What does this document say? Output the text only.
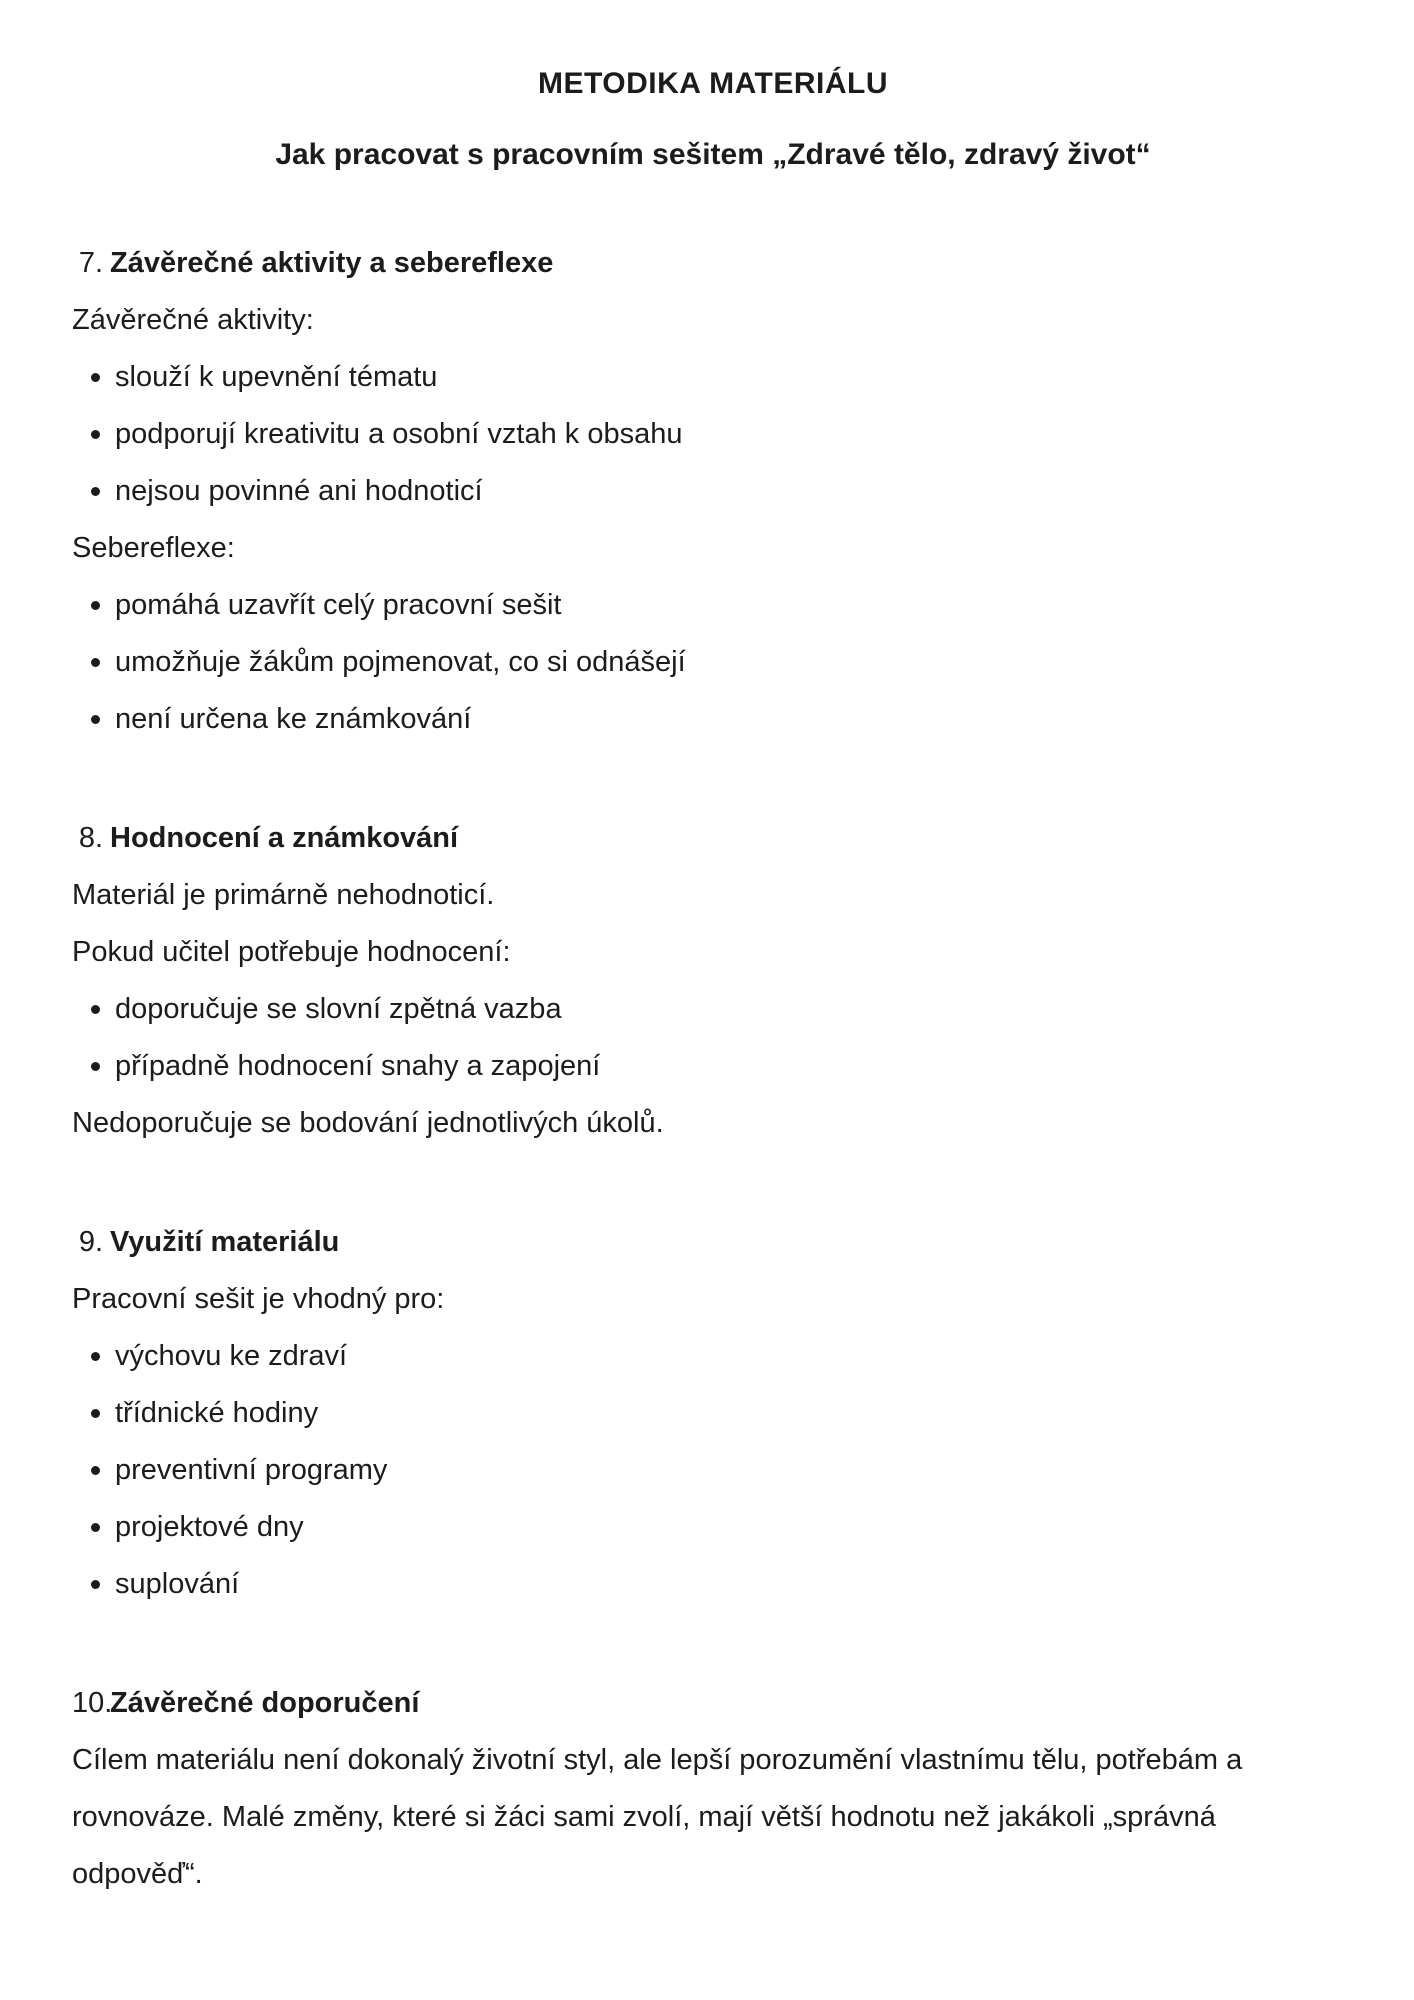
METODIKA MATERIÁLU

Jak pracovat s pracovním sešitem „Zdravé tělo, zdravý život“

7. Závěrečné aktivity a sebereflexe

Závěrečné aktivity:

slouží k upevnění tématu
podporují kreativitu a osobní vztah k obsahu
nejsou povinné ani hodnoticí

Sebereflexe:

pomáhá uzavřít celý pracovní sešit
umožňuje žákům pojmenovat, co si odnášejí
není určena ke známkování
8. Hodnocení a známkování

Materiál je primárně nehodnoticí.

Pokud učitel potřebuje hodnocení:

doporučuje se slovní zpětná vazba
případně hodnocení snahy a zapojení

Nedoporučuje se bodování jednotlivých úkolů.

9. Využití materiálu

Pracovní sešit je vhodný pro:

výchovu ke zdraví
třídnické hodiny
preventivní programy
projektové dny
suplování
10.Závěrečné doporučení

Cílem materiálu není dokonalý životní styl, ale lepší porozumění vlastnímu tělu, potřebám a rovnováze. Malé změny, které si žáci sami zvolí, mají větší hodnotu než jakákoli „správná odpověď“.
